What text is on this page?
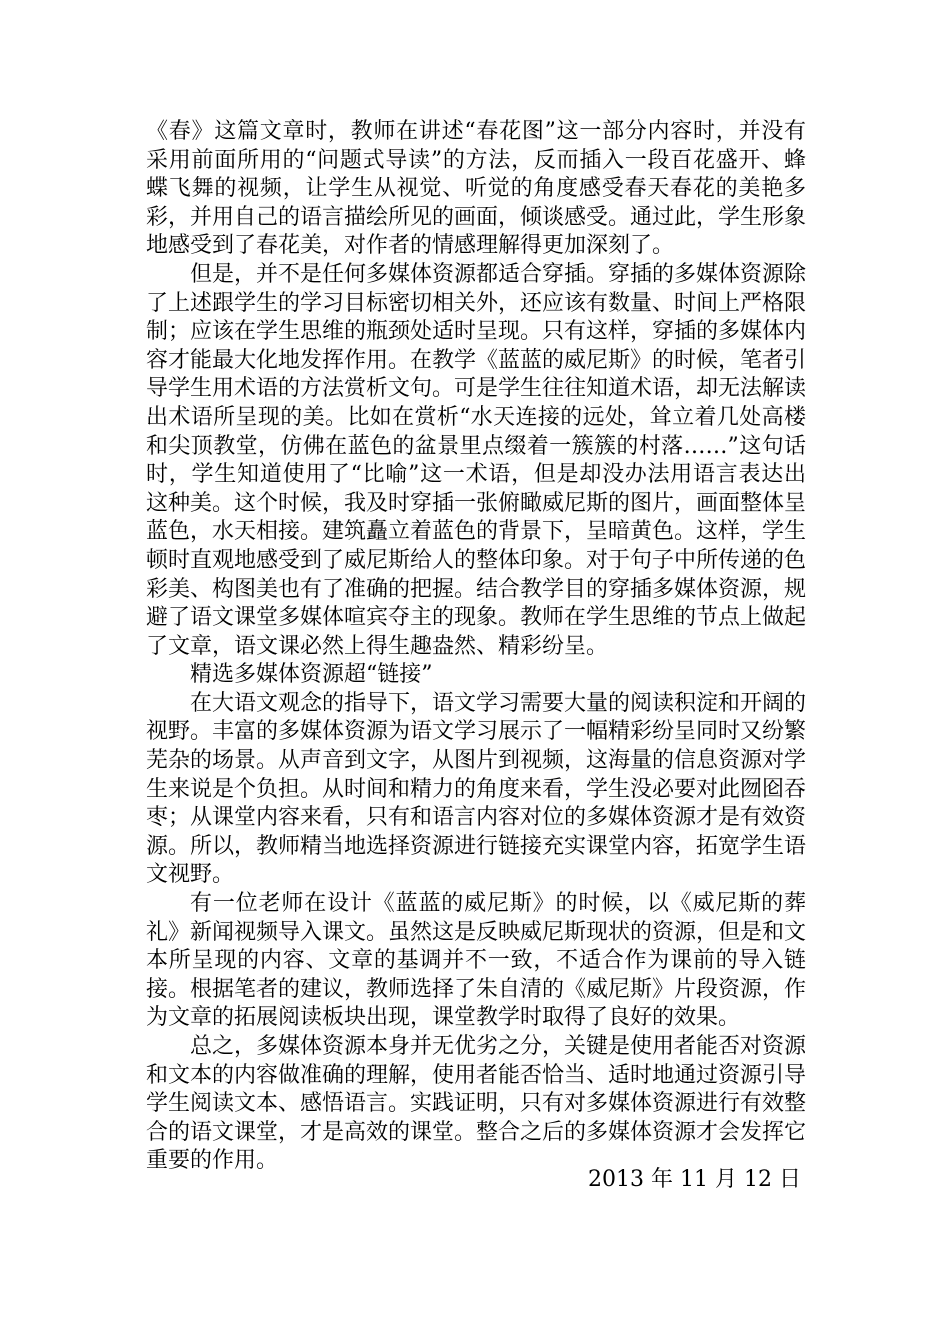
《春》这篇文章时，教师在讲述“春花图”这一部分内容时，并没有采用前面所用的“问题式导读”的方法，反而插入一段百花盛开、蜂蝶飞舞的视频，让学生从视觉、听觉的角度感受春天春花的美艳多彩，并用自己的语言描绘所见的画面，倾谈感受。通过此，学生形象地感受到了春花美，对作者的情感理解得更加深刻了。

但是，并不是任何多媒体资源都适合穿插。穿插的多媒体资源除了上述跟学生的学习目标密切相关外，还应该有数量、时间上严格限制；应该在学生思维的瓶颈处适时呈现。只有这样，穿插的多媒体内容才能最大化地发挥作用。在教学《蓝蓝的威尼斯》的时候，笔者引导学生用术语的方法赏析文句。可是学生往往知道术语，却无法解读出术语所呈现的美。比如在赏析“水天连接的远处，耸立着几处高楼和尖顶教堂，仿佛在蓝色的盆景里点缀着一簇簇的村落……”这句话时，学生知道使用了“比喻”这一术语，但是却没办法用语言表达出这种美。这个时候，我及时穿插一张俯瞰威尼斯的图片，画面整体呈蓝色，水天相接。建筑矗立着蓝色的背景下，呈暗黄色。这样，学生顿时直观地感受到了威尼斯给人的整体印象。对于句子中所传递的色彩美、构图美也有了准确的把握。结合教学目的穿插多媒体资源，规避了语文课堂多媒体喧宾夺主的现象。教师在学生思维的节点上做起了文章，语文课必然上得生趣盎然、精彩纷呈。

精选多媒体资源超“链接”

在大语文观念的指导下，语文学习需要大量的阅读积淀和开阔的视野。丰富的多媒体资源为语文学习展示了一幅精彩纷呈同时又纷繁芜杂的场景。从声音到文字，从图片到视频，这海量的信息资源对学生来说是个负担。从时间和精力的角度来看，学生没必要对此囫囵吞枣；从课堂内容来看，只有和语言内容对位的多媒体资源才是有效资源。所以，教师精当地选择资源进行链接充实课堂内容，拓宽学生语文视野。

有一位老师在设计《蓝蓝的威尼斯》的时候，以《威尼斯的葬礼》新闻视频导入课文。虽然这是反映威尼斯现状的资源，但是和文本所呈现的内容、文章的基调并不一致，不适合作为课前的导入链接。根据笔者的建议，教师选择了朱自清的《威尼斯》片段资源，作为文章的拓展阅读板块出现，课堂教学时取得了良好的效果。

总之，多媒体资源本身并无优劣之分，关键是使用者能否对资源和文本的内容做准确的理解，使用者能否恰当、适时地通过资源引导学生阅读文本、感悟语言。实践证明，只有对多媒体资源进行有效整合的语文课堂，才是高效的课堂。整合之后的多媒体资源才会发挥它重要的作用。

2013 年 11 月 12 日
